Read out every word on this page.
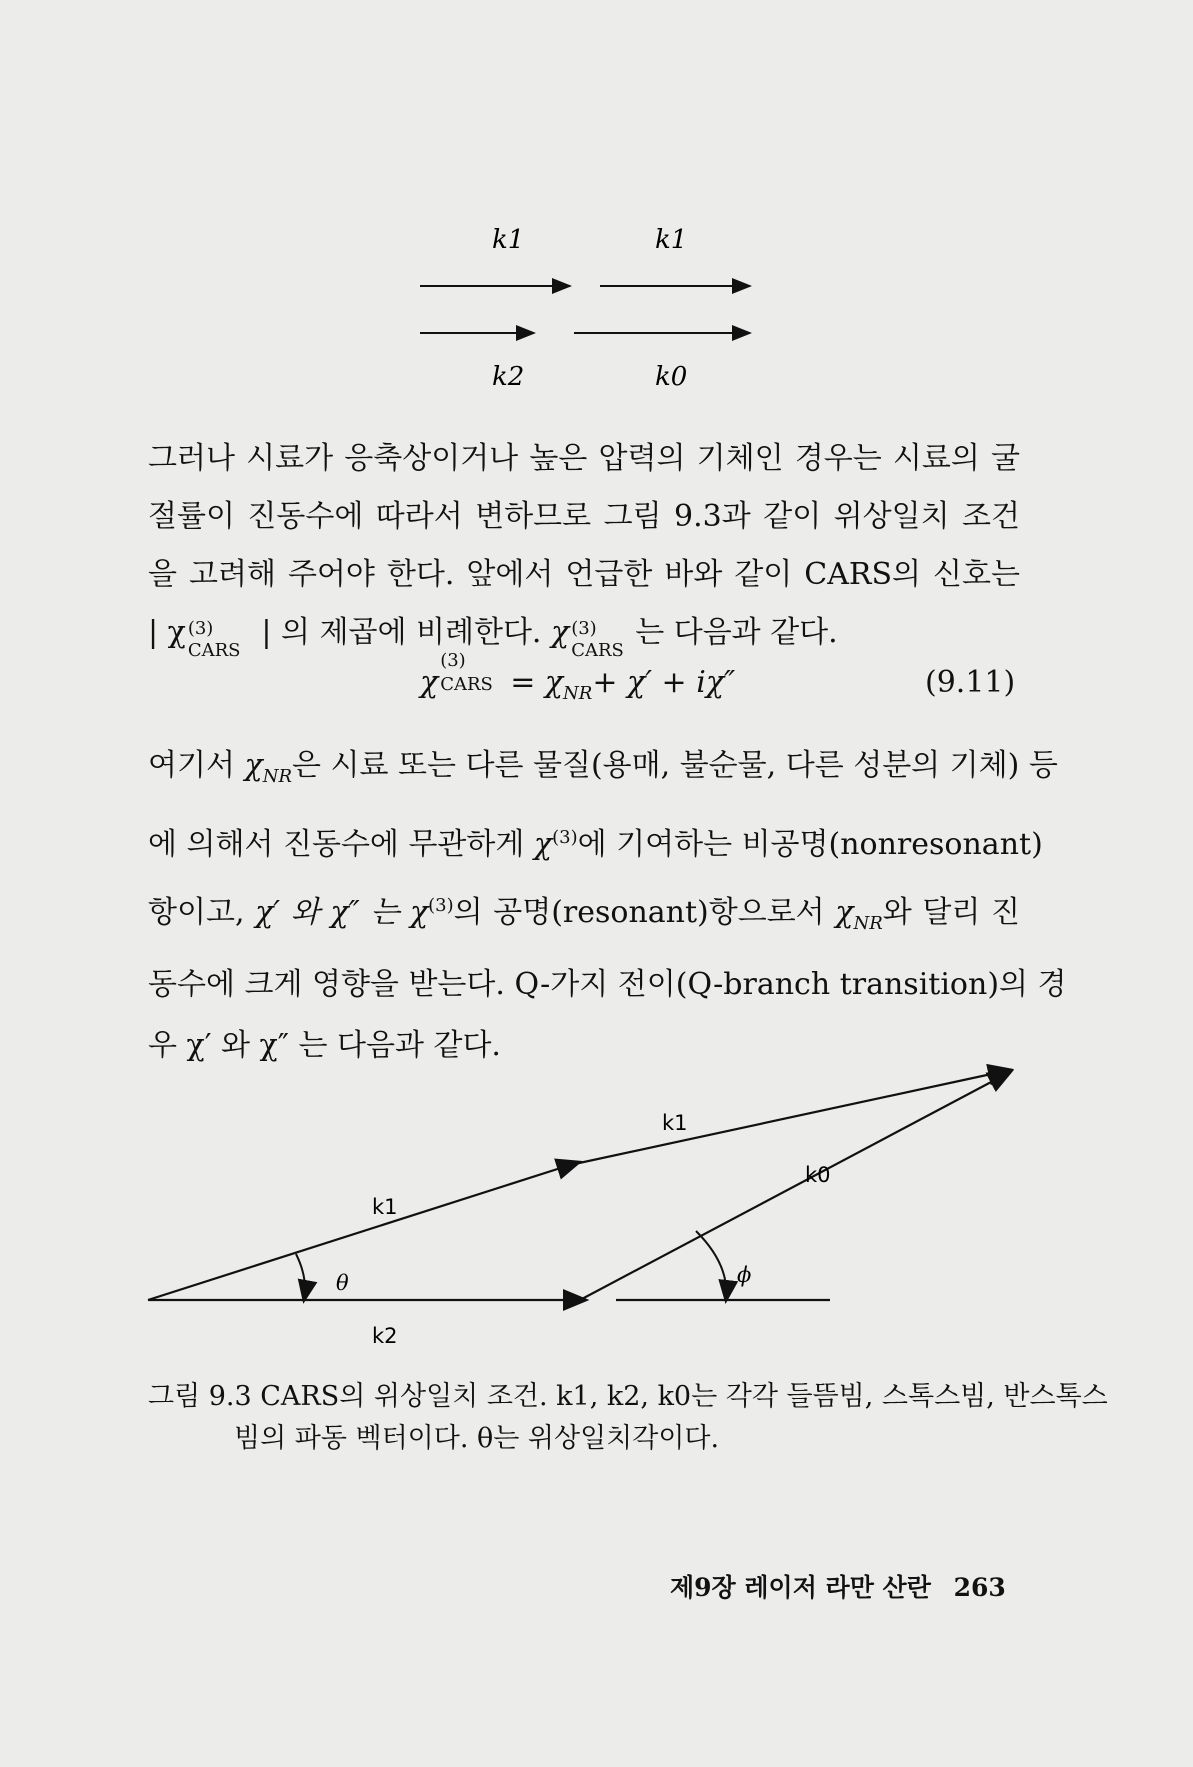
k1	k1
k2	k0
그러나 시료가 응축상이거나 높은 압력의 기체인 경우는 시료의 굴
절률이 진동수에 따라서 변하므로 그림 9.3과 같이 위상일치 조건
을 고려해 주어야 한다. 앞에서 언급한 바와 같이 CARS의 신호는
| χ (3)
CARS
| 의 제곱에 비례한다. χ (3)
CARS
는 다음과 같다.
χ
(3)
CARS = $\chi_{NR}+ \chi' + i\chi''$	(9.11)
여기서 $\chi_{NR}$은 시료 또는 다른 물질(용매, 불순물, 다른 성분의 기체) 등
에 의해서 진동수에 무관하게 $\chi^{(3)}$에 기여하는 비공명(nonresonant)
항이고, χ′ 와 χ″ 는 $\chi^{(3)}$의 공명(resonant)항으로서 $\chi_{NR}$와 달리 진
동수에 크게 영향을 받는다. Q-가지 전이(Q-branch transition)의 경
우 χ′ 와 χ″ 는 다음과 같다.
k1
k1
k0
k2
θ	ϕ
그림 9.3 CARS의 위상일치 조건. k1, k2, k0는 각각 들뜸빔, 스톡스빔, 반스톡스
빔의 파동 벡터이다. θ는 위상일치각이다.
제9장 레이저 라만 산란 263
